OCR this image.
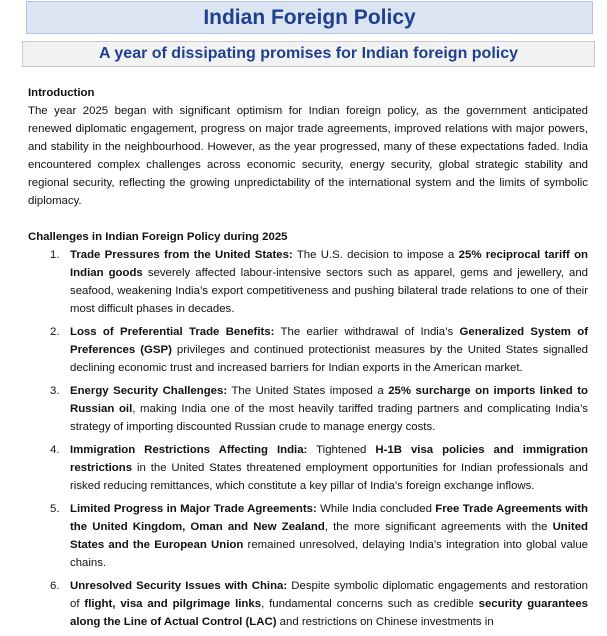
Indian Foreign Policy
A year of dissipating promises for Indian foreign policy

Introduction

The year 2025 began with significant optimism for Indian foreign policy, as the government anticipated renewed diplomatic engagement, progress on major trade agreements, improved relations with major powers, and stability in the neighbourhood. However, as the year progressed, many of these expectations faded. India encountered complex challenges across economic security, energy security, global strategic stability and regional security, reflecting the growing unpredictability of the international system and the limits of symbolic diplomacy.

Challenges in Indian Foreign Policy during 2025

1. Trade Pressures from the United States: The U.S. decision to impose a 25% reciprocal tariff on Indian goods severely affected labour-intensive sectors such as apparel, gems and jewellery, and seafood, weakening India’s export competitiveness and pushing bilateral trade relations to one of their most difficult phases in decades.
2. Loss of Preferential Trade Benefits: The earlier withdrawal of India’s Generalized System of Preferences (GSP) privileges and continued protectionist measures by the United States signalled declining economic trust and increased barriers for Indian exports in the American market.
3. Energy Security Challenges: The United States imposed a 25% surcharge on imports linked to Russian oil, making India one of the most heavily tariffed trading partners and complicating India’s strategy of importing discounted Russian crude to manage energy costs.
4. Immigration Restrictions Affecting India: Tightened H-1B visa policies and immigration restrictions in the United States threatened employment opportunities for Indian professionals and risked reducing remittances, which constitute a key pillar of India’s foreign exchange inflows.
5. Limited Progress in Major Trade Agreements: While India concluded Free Trade Agreements with the United Kingdom, Oman and New Zealand, the more significant agreements with the United States and the European Union remained unresolved, delaying India’s integration into global value chains.
6. Unresolved Security Issues with China: Despite symbolic diplomatic engagements and restoration of flight, visa and pilgrimage links, fundamental concerns such as credible security guarantees along the Line of Actual Control (LAC) and restrictions on Chinese investments in
